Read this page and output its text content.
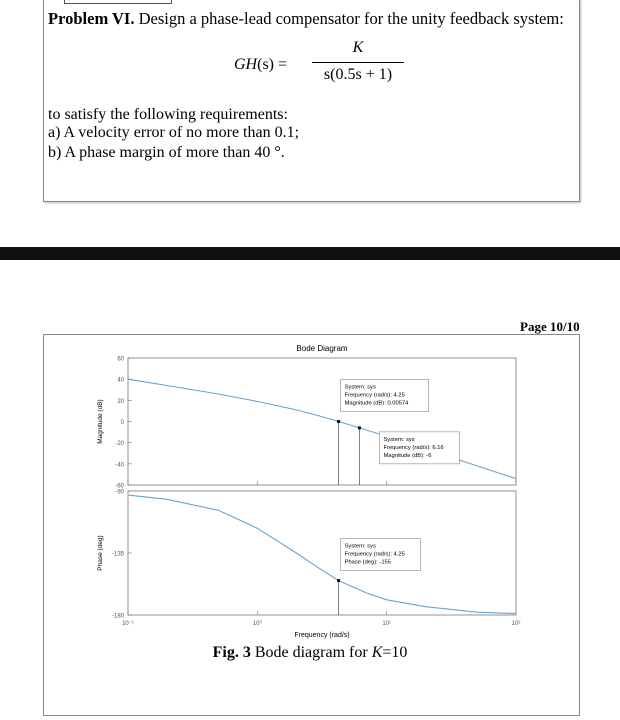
Problem VI. Design a phase-lead compensator for the unity feedback system:
GH(s) =
K
s(0.5s + 1)
to satisfy the following requirements:
a) A velocity error of no more than 0.1;
b) A phase margin of more than 40 °.
Page 10/10
Bode Diagram
60
40
20
0
-20
-40
-60
Magnitude (dB)
System: sys
Frequency (rad/s): 4.25
Magnitude (dB): 0.00574
System: sys
Frequency (rad/s): 6.16
Magnitude (dB): -6
-90
-135
-180
Phase (deg)	System: sys
Frequency (rad/s): 4.25
Phase (deg): -155
10⁻¹	10⁰	10¹	10²
Frequency (rad/s)
Fig. 3 Bode diagram for K=10
